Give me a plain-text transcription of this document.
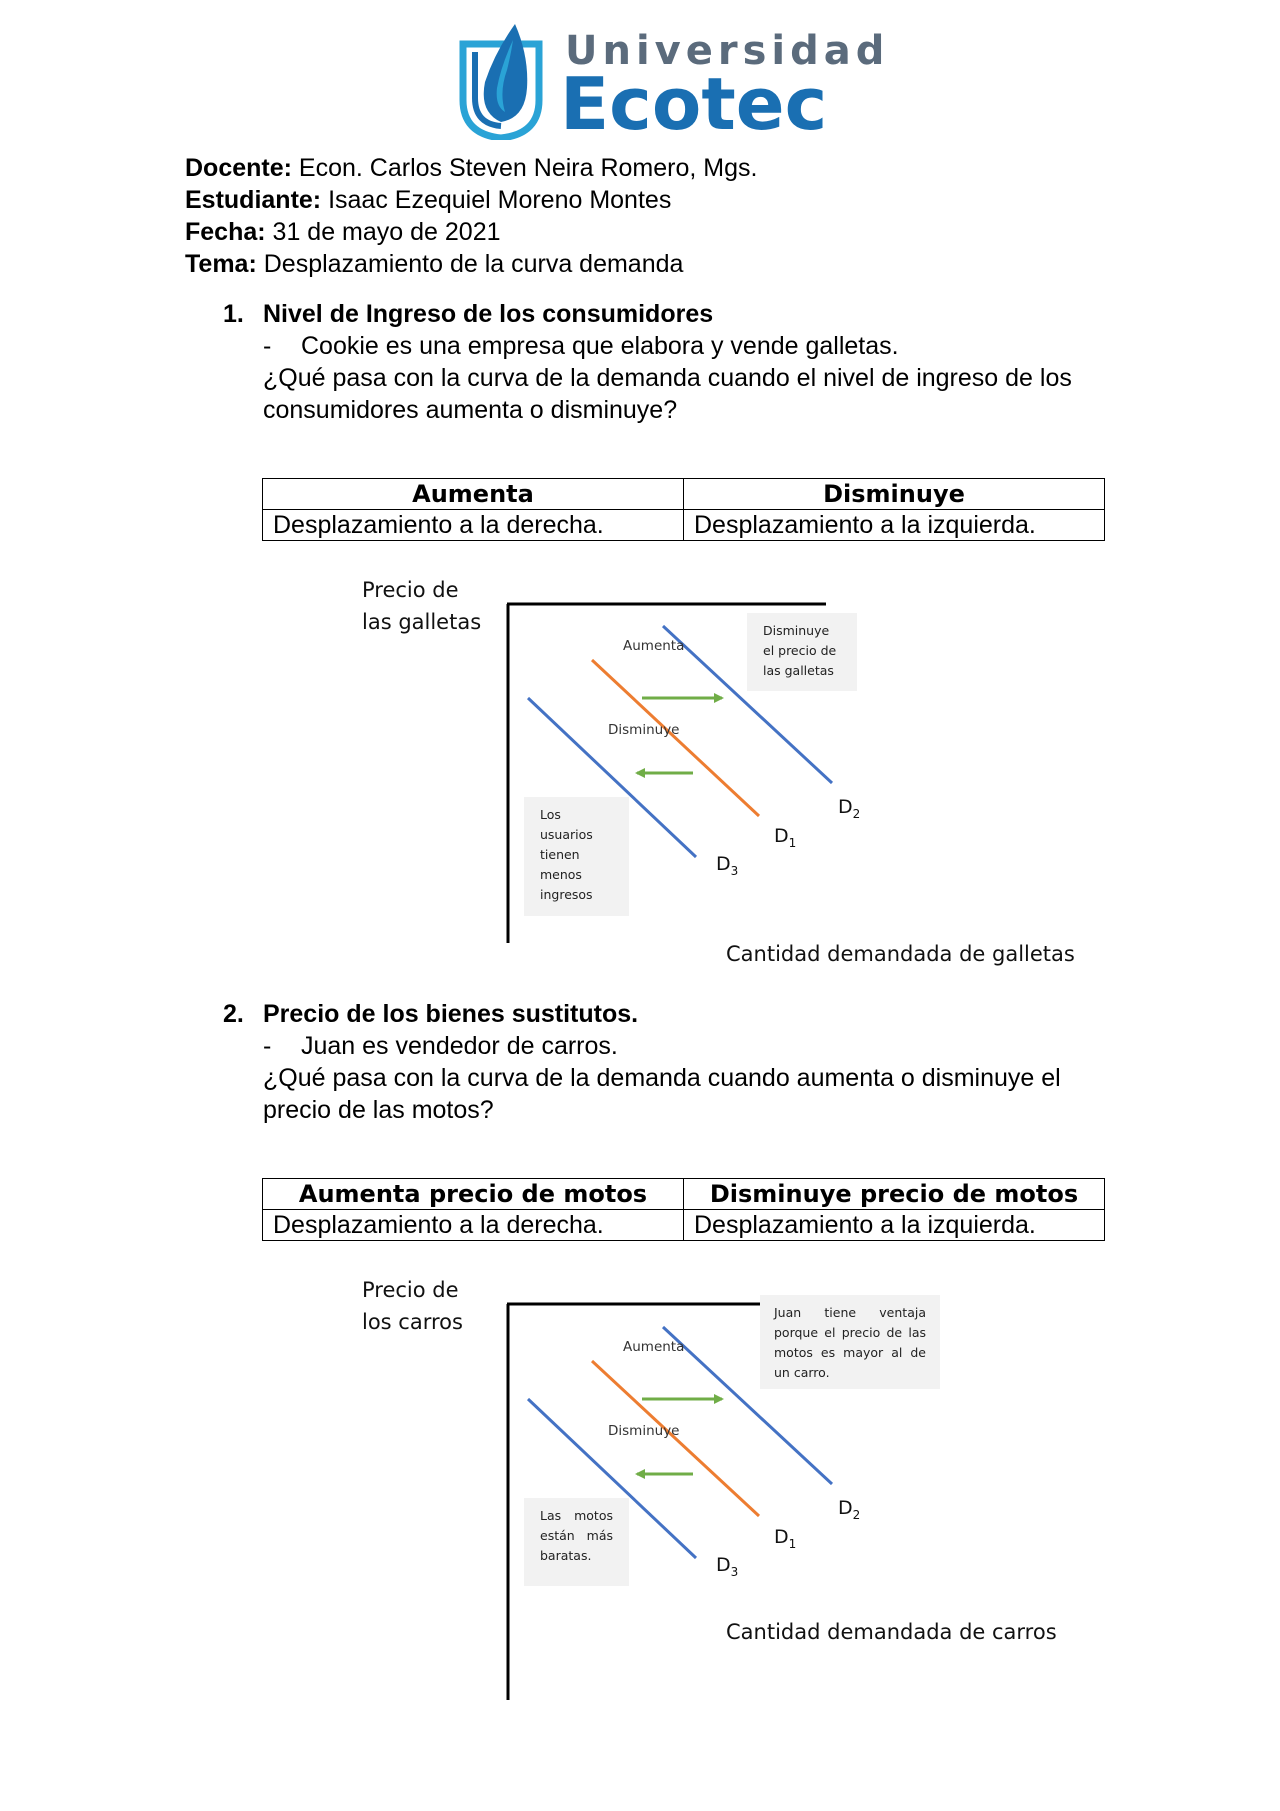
Universidad
Ecotec
Docente: Econ. Carlos Steven Neira Romero, Mgs.
Estudiante: Isaac Ezequiel Moreno Montes
Fecha: 31 de mayo de 2021
Tema: Desplazamiento de la curva demanda
1. Nivel de Ingreso de los consumidores
- Cookie es una empresa que elabora y vende galletas.
¿Qué pasa con la curva de la demanda cuando el nivel de ingreso de los
consumidores aumenta o disminuye?
Aumenta	Disminuye
Desplazamiento a la derecha.	Desplazamiento a la izquierda.
Precio de
las galletas
Aumenta
Disminuye
Disminuye
el precio de
las galletas
Los
usuarios
tienen
menos
ingresos
$D_2$
$D_1$
$D_3$
Cantidad demandada de galletas
2. Precio de los bienes sustitutos.
- Juan es vendedor de carros.
¿Qué pasa con la curva de la demanda cuando aumenta o disminuye el
precio de las motos?
Aumenta precio de motos	Disminuye precio de motos
Desplazamiento a la derecha.	Desplazamiento a la izquierda.
Precio de
los carros
Aumenta
Disminuye
Juan tiene ventaja
porque el precio de las
motos es mayor al de
un carro.
Las motos
están más
baratas.
$D_2$
$D_1$
$D_3$
Cantidad demandada de carros
